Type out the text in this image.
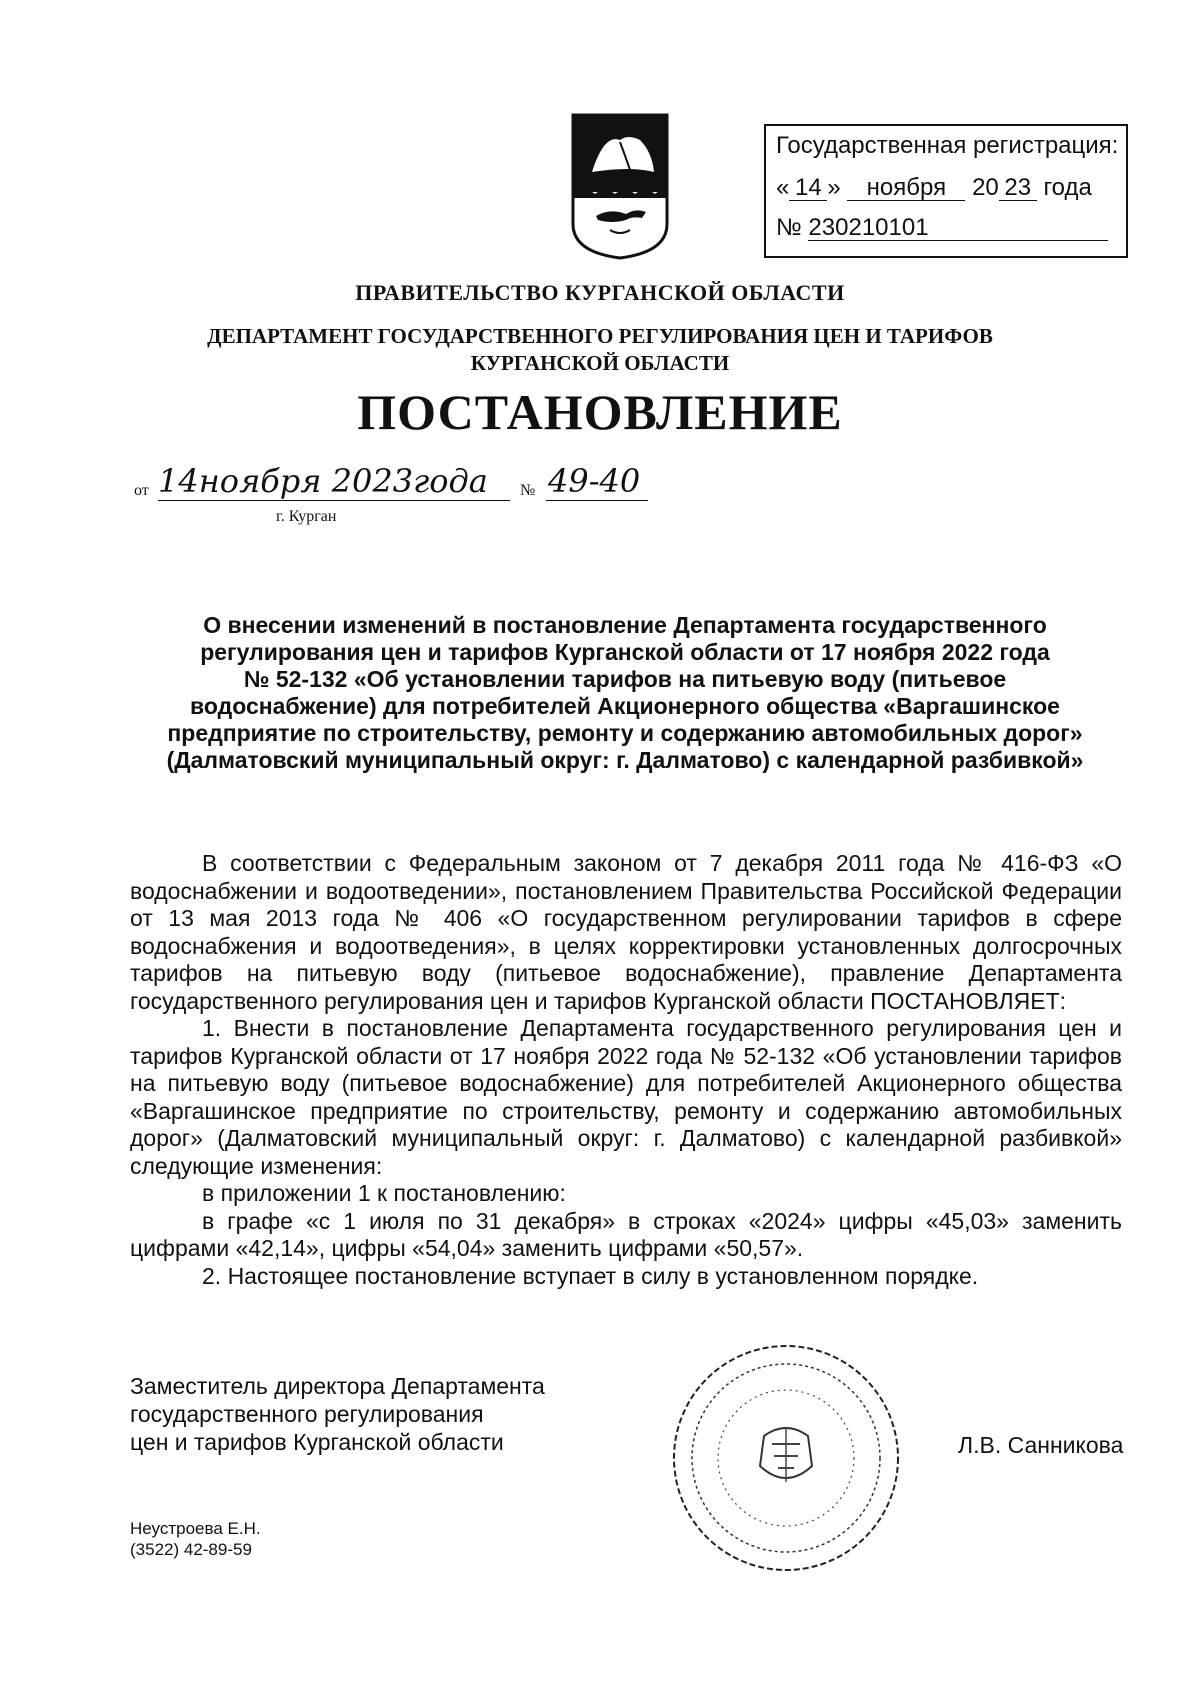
Государственная регистрация:
« 14 » ноября 20 23 года
№ 230210101
ПРАВИТЕЛЬСТВО КУРГАНСКОЙ ОБЛАСТИ
ДЕПАРТАМЕНТ ГОСУДАРСТВЕННОГО РЕГУЛИРОВАНИЯ ЦЕН И ТАРИФОВ
КУРГАНСКОЙ ОБЛАСТИ
ПОСТАНОВЛЕНИЕ
от 14ноября 2023года № 49-40
г. Курган
О внесении изменений в постановление Департамента государственного
регулирования цен и тарифов Курганской области от 17 ноября 2022 года
№ 52-132 «Об установлении тарифов на питьевую воду (питьевое
водоснабжение) для потребителей Акционерного общества «Варгашинское
предприятие по строительству, ремонту и содержанию автомобильных дорог»
(Далматовский муниципальный округ: г. Далматово) с календарной разбивкой»

В соответствии с Федеральным законом от 7 декабря 2011 года № 416-ФЗ «О водоснабжении и водоотведении», постановлением Правительства Российской Федерации от 13 мая 2013 года № 406 «О государственном регулировании тарифов в сфере водоснабжения и водоотведения», в целях корректировки установленных долгосрочных тарифов на питьевую воду (питьевое водоснабжение), правление Департамента государственного регулирования цен и тарифов Курганской области ПОСТАНОВЛЯЕТ:

1. Внести в постановление Департамента государственного регулирования цен и тарифов Курганской области от 17 ноября 2022 года № 52-132 «Об установлении тарифов на питьевую воду (питьевое водоснабжение) для потребителей Акционерного общества «Варгашинское предприятие по строительству, ремонту и содержанию автомобильных дорог» (Далматовский муниципальный округ: г. Далматово) с календарной разбивкой» следующие изменения:

в приложении 1 к постановлению:

в графе «с 1 июля по 31 декабря» в строках «2024» цифры «45,03» заменить цифрами «42,14», цифры «54,04» заменить цифрами «50,57».

2. Настоящее постановление вступает в силу в установленном порядке.

Заместитель директора Департамента
государственного регулирования
цен и тарифов Курганской области	Л.В. Санникова
Неустроева Е.Н.
(3522) 42-89-59
